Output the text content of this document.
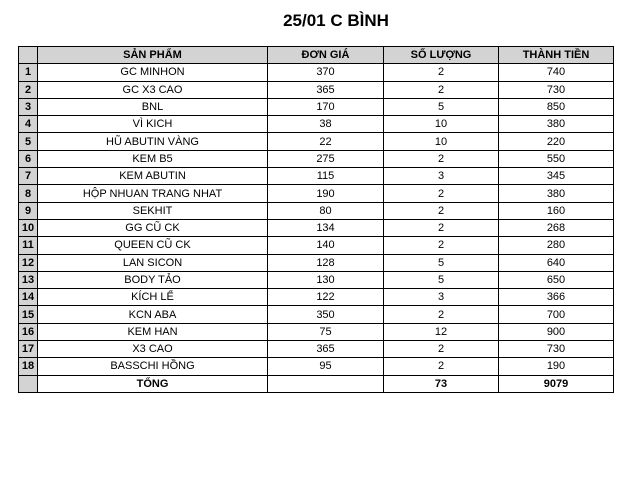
25/01 C BÌNH
	SẢN PHẨM	ĐƠN GIÁ	SỐ LƯỢNG	THÀNH TIỀN
1	GC MINHON	370	2	740
2	GC X3 CAO	365	2	730
3	BNL	170	5	850
4	VÌ KICH	38	10	380
5	HŨ ABUTIN VÀNG	22	10	220
6	KEM B5	275	2	550
7	KEM ABUTIN	115	3	345
8	HỘP NHUAN TRANG NHAT	190	2	380
9	SEKHIT	80	2	160
10	GG CŨ CK	134	2	268
11	QUEEN CŨ CK	140	2	280
12	LAN SICON	128	5	640
13	BODY TẢO	130	5	650
14	KÍCH LỂ	122	3	366
15	KCN ABA	350	2	700
16	KEM HAN	75	12	900
17	X3 CAO	365	2	730
18	BASSCHI HỒNG	95	2	190
	TỔNG		73	9079
